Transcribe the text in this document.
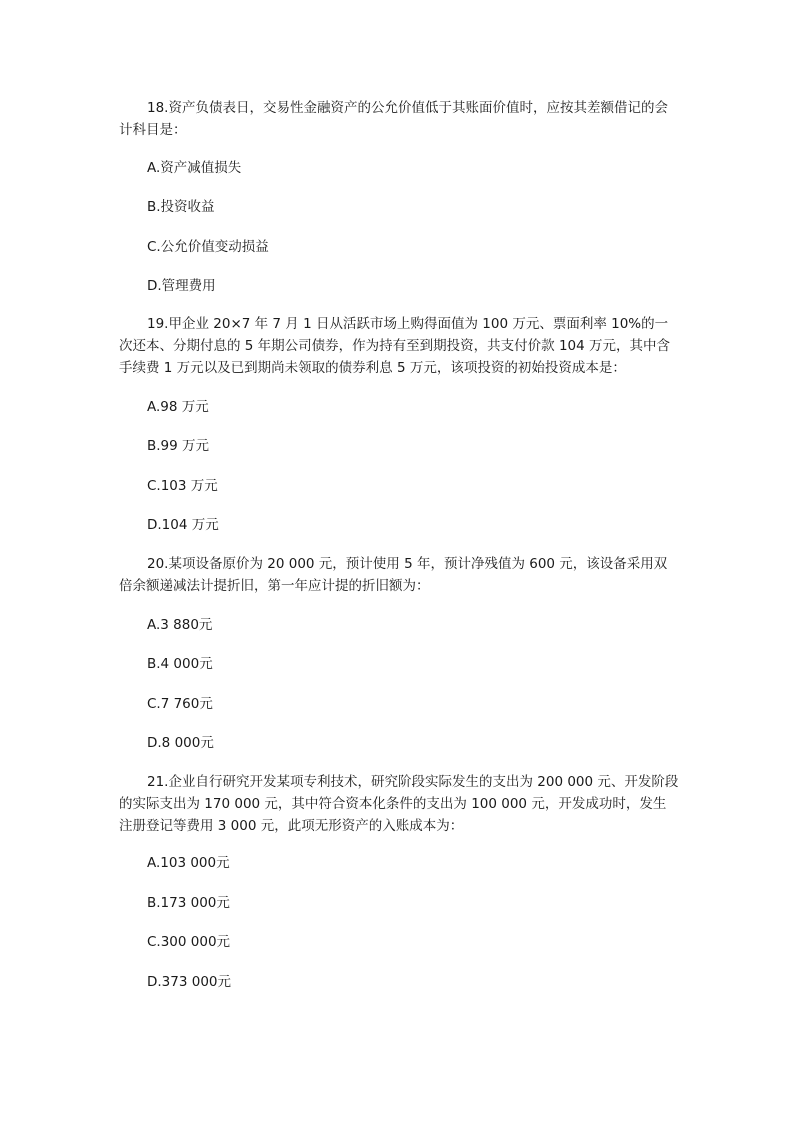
18.资产负债表日，交易性金融资产的公允价值低于其账面价值时，应按其差额借记的会计科目是：

A.资产减值损失

B.投资收益

C.公允价值变动损益

D.管理费用

19.甲企业 20×7 年 7 月 1 日从活跃市场上购得面值为 100 万元、票面利率 10%的一次还本、分期付息的 5 年期公司债券，作为持有至到期投资，共支付价款 104 万元，其中含手续费 1 万元以及已到期尚未领取的债券利息 5 万元，该项投资的初始投资成本是：

A.98 万元

B.99 万元

C.103 万元

D.104 万元

20.某项设备原价为 20 000 元，预计使用 5 年，预计净残值为 600 元，该设备采用双倍余额递减法计提折旧，第一年应计提的折旧额为：

A.3 880元

B.4 000元

C.7 760元

D.8 000元

21.企业自行研究开发某项专利技术，研究阶段实际发生的支出为 200 000 元、开发阶段的实际支出为 170 000 元，其中符合资本化条件的支出为 100 000 元，开发成功时，发生注册登记等费用 3 000 元，此项无形资产的入账成本为：

A.103 000元

B.173 000元

C.300 000元

D.373 000元
